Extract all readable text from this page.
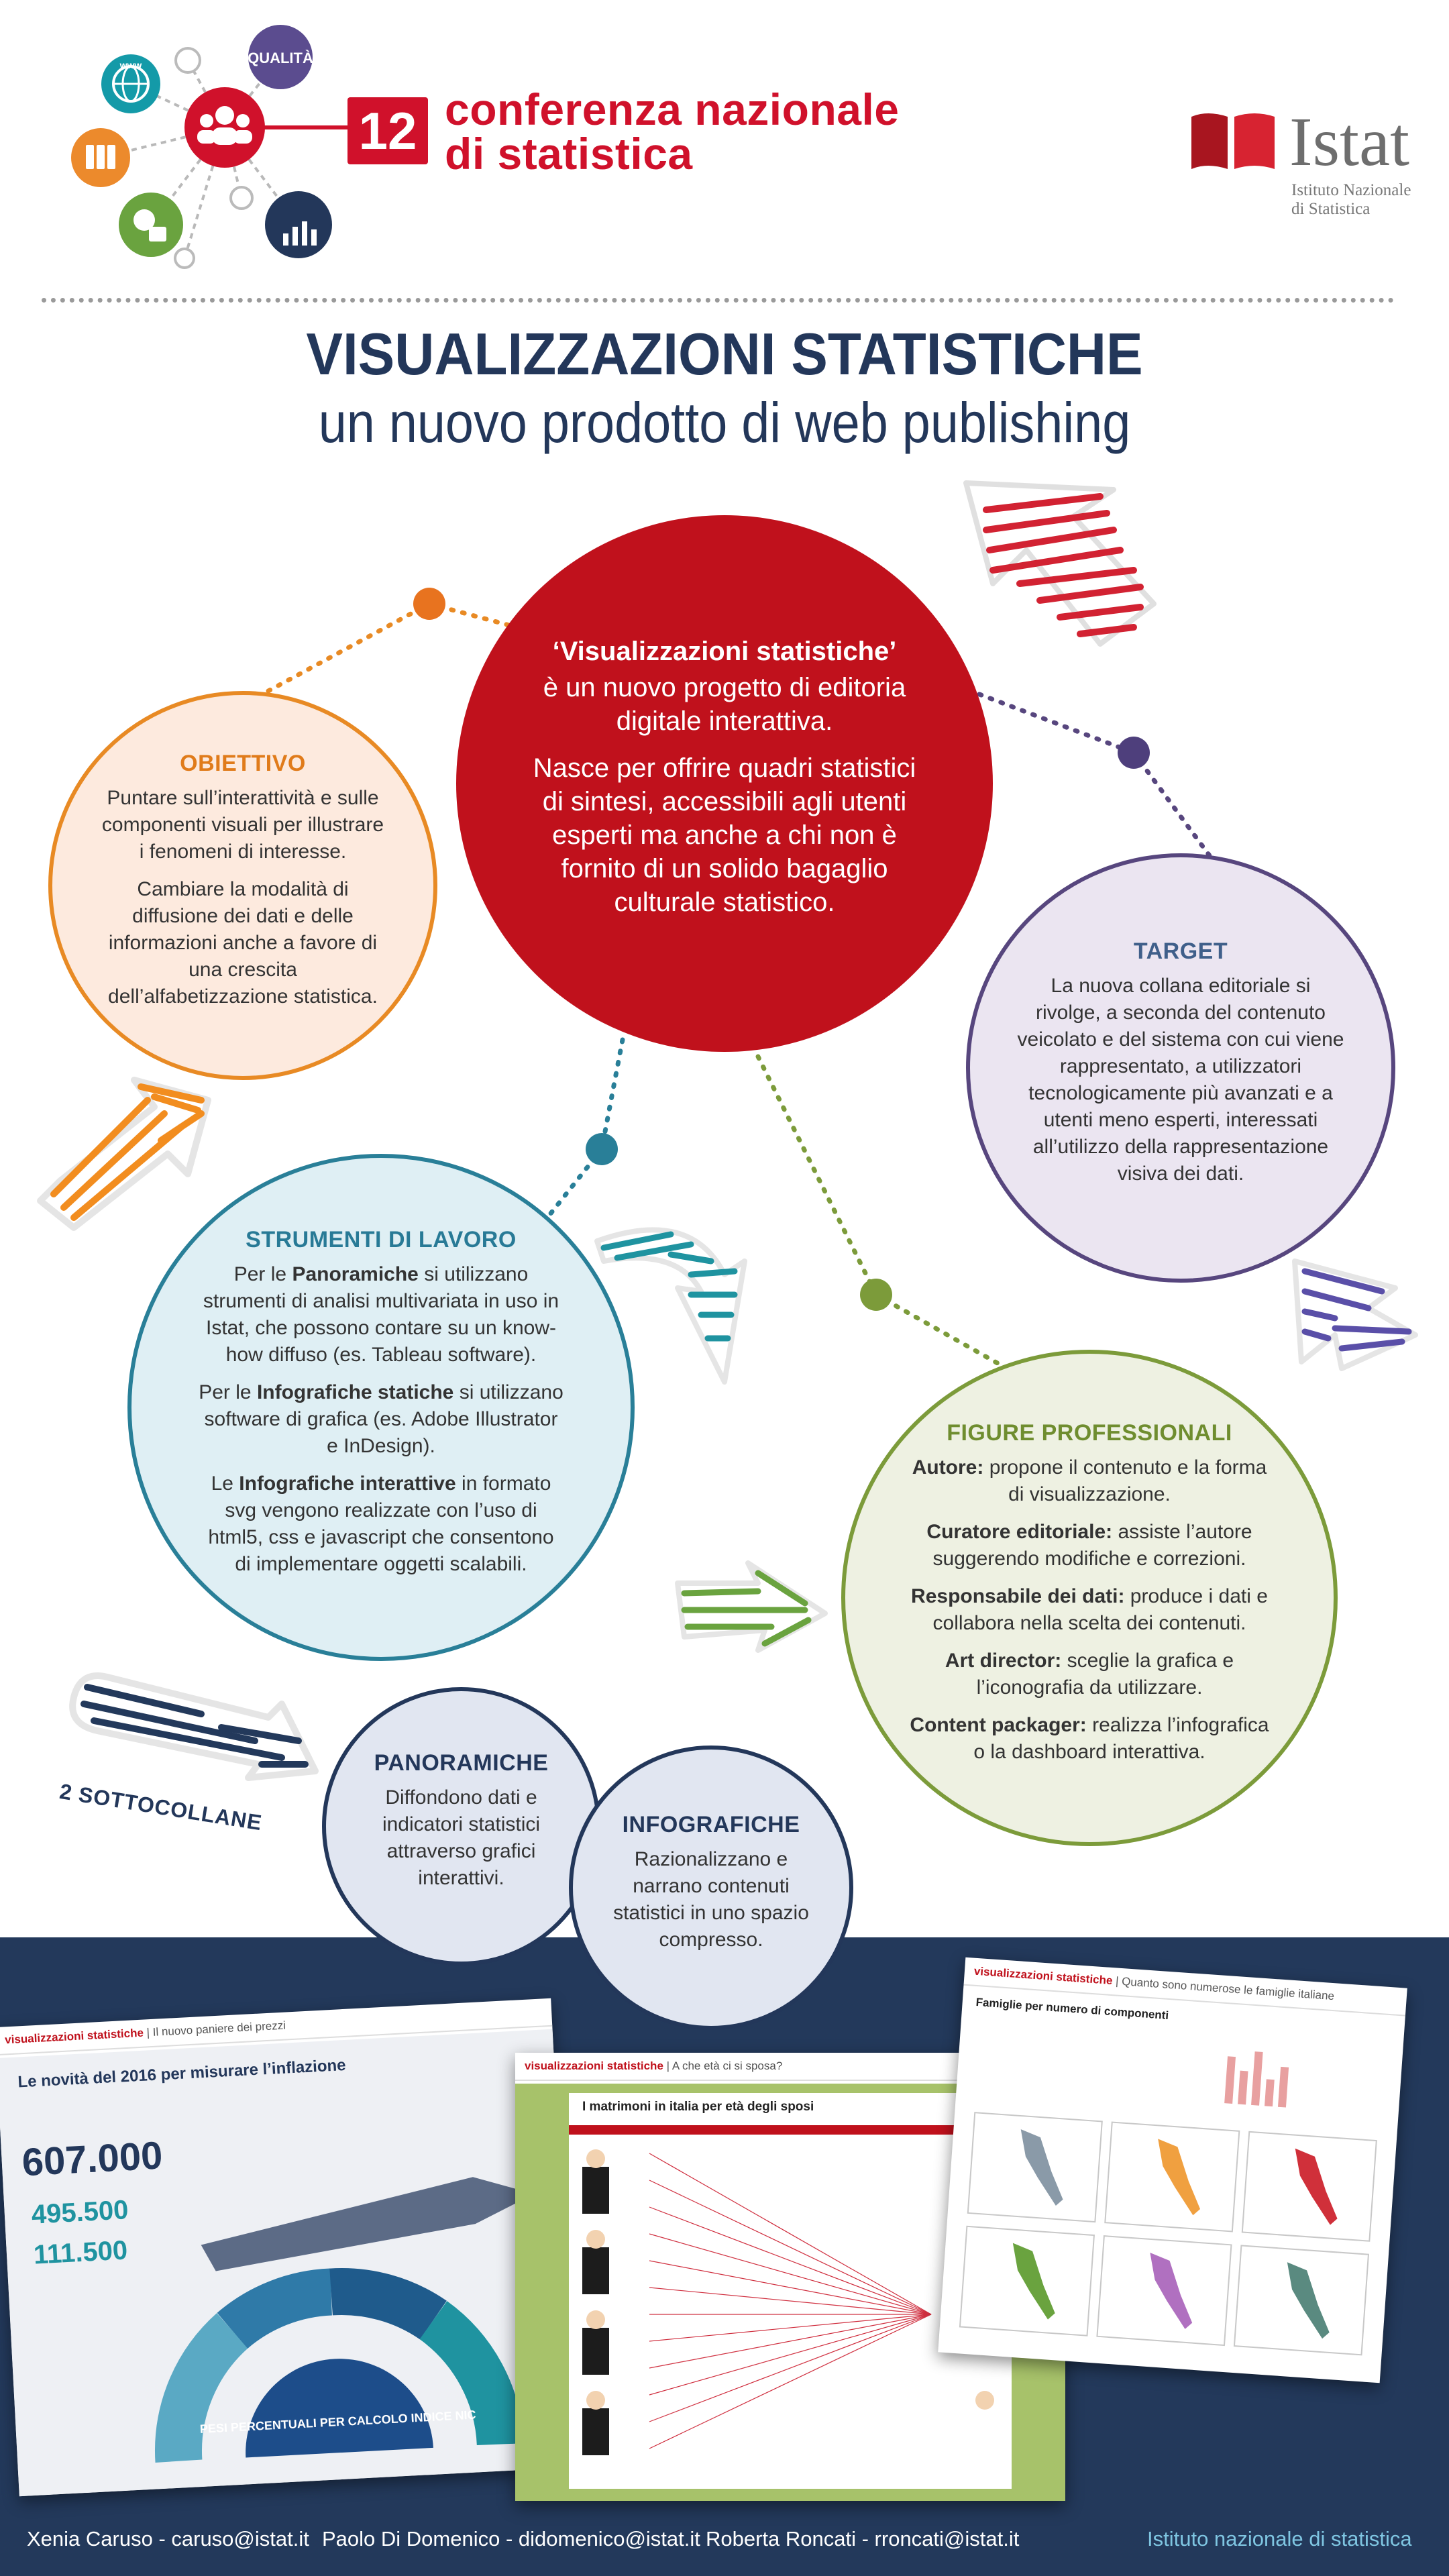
QUALITÀ
www
12 conferenza nazionale
di statistica	Istat
Istituto Nazionale
di Statistica
VISUALIZZAZIONI STATISTICHE
un nuovo prodotto di web publishing

‘Visualizzazioni statistiche’

è un nuovo progetto di editoria digitale interattiva.

Nasce per offrire quadri statistici di sintesi, accessibili agli utenti esperti ma anche a chi non è fornito di un solido bagaglio culturale statistico.

OBIETTIVO

Puntare sull’interattività e sulle componenti visuali per illustrare i fenomeni di interesse.

Cambiare la modalità di diffusione dei dati e delle informazioni anche a favore di una crescita dell’alfabetizzazione statistica.

TARGET

La nuova collana editoriale si rivolge, a seconda del contenuto veicolato e del sistema con cui viene rappresentato, a utilizzatori tecnologicamente più avanzati e a utenti meno esperti, interessati all’utilizzo della rappresentazione visiva dei dati.

STRUMENTI DI LAVORO

Per le Panoramiche si utilizzano strumenti di analisi multivariata in uso in Istat, che possono contare su un know-how diffuso (es. Tableau software).

Per le Infografiche statiche si utilizzano software di grafica (es. Adobe Illustrator e InDesign).

Le Infografiche interattive in formato svg vengono realizzate con l’uso di html5, css e javascript che consentono di implementare oggetti scalabili.

FIGURE PROFESSIONALI

Autore: propone il contenuto e la forma di visualizzazione.

Curatore editoriale: assiste l’autore suggerendo modifiche e correzioni.

Responsabile dei dati: produce i dati e collabora nella scelta dei contenuti.

Art director: sceglie la grafica e l’iconografia da utilizzare.

Content packager: realizza l’infografica o la dashboard interattiva.

2 SOTTOCOLLANE
PANORAMICHE

Diffondono dati e indicatori statistici attraverso grafici interattivi.

INFOGRAFICHE

Razionalizzano e narrano contenuti statistici in uno spazio compresso.

visualizzazioni statistiche | Il nuovo paniere dei prezzi
Le novità del 2016 per misurare l’inflazione
607.000
495.500
111.500
PESI PERCENTUALI PER CALCOLO INDICE NIC
visualizzazioni statistiche | A che età ci si sposa?
I matrimoni in italia per età degli sposi
visualizzazioni statistiche | Quanto sono numerose le famiglie italiane
Famiglie per numero di componenti
Xenia Caruso - caruso@istat.it Paolo Di Domenico - didomenico@istat.it Roberta Roncati - rroncati@istat.it	Istituto nazionale di statistica
